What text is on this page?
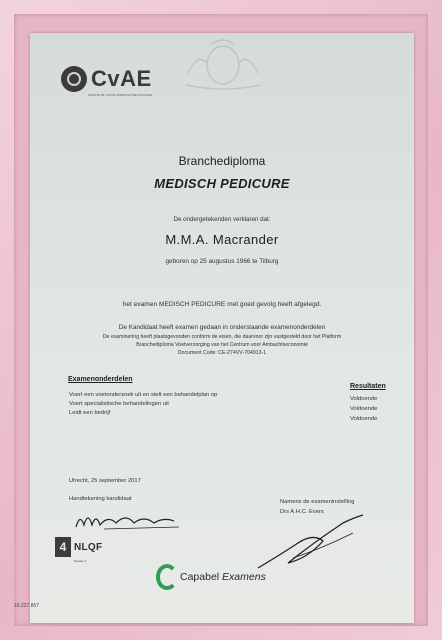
CvAE
CENTRUM VOOR AMBACHTSECONOMIE
Branchediploma
MEDISCH PEDICURE
De ondergetekenden verklaren dat:
M.M.A. Macrander
geboren op 25 augustus 1966 te Tilburg
het examen MEDISCH PEDICURE met goed gevolg heeft afgelegd.
De Kandidaat heeft examen gedaan in onderstaande examenonderdelen
De examinering heeft plaatsgevonden conform de eisen, die daarvoor zijn vastgesteld door het Platform
Branchediploma Voetverzorging van het Centrum voor Ambachtseconomie
Document Code: CE-274VV-704913-1
Examenonderdelen
Resultaten
Voert een voetonderzoek uit en stelt een behandelplan op
Voert specialistische behandelingen uit
Leidt een bedrijf
Voldoende
Voldoende
Voldoende
Utrecht, 25 september 2017
Handtekening kandidaat	Namens de exameninstelling
Drs A.H.C. Evers
4 NLQF
Niveau 4
Capabel Examens
16.227.857
